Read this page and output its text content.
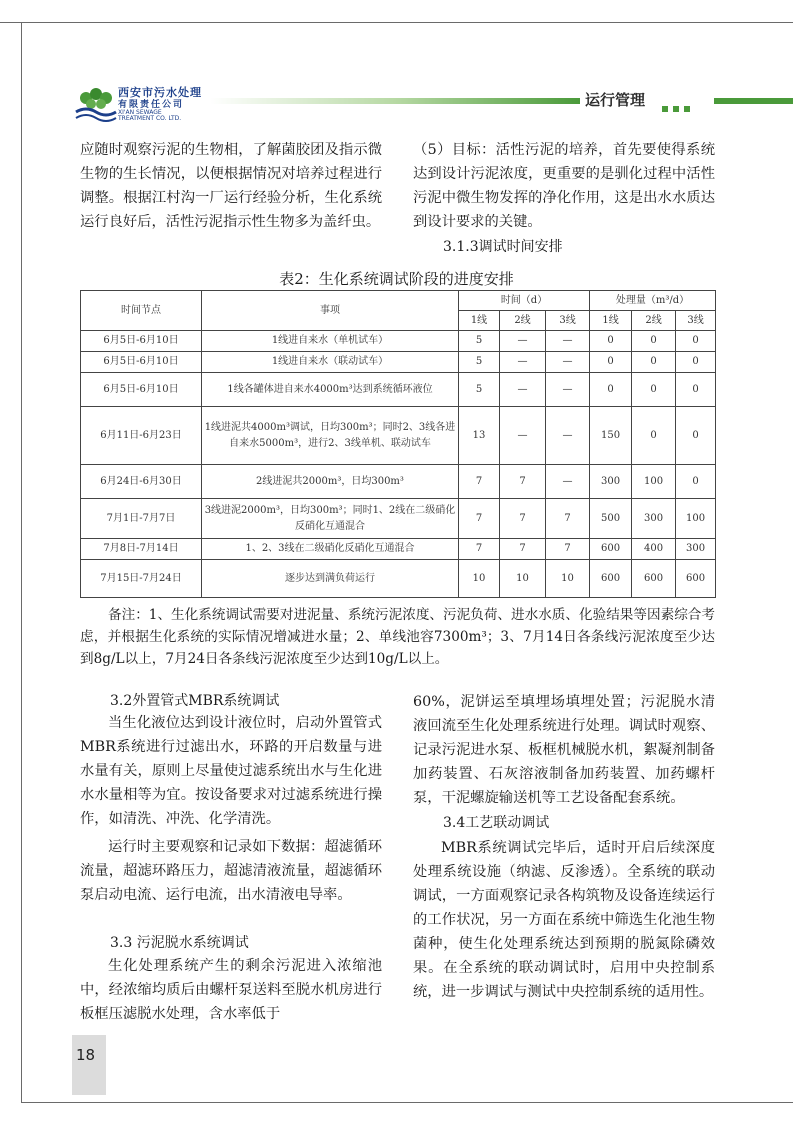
西安市污水处理
有限责任公司
XI'AN SEWAGE
TREATMENT CO. LTD.
运行管理

应随时观察污泥的生物相，了解菌胶团及指示微生物的生长情况，以便根据情况对培养过程进行调整。根据江村沟一厂运行经验分析，生化系统运行良好后，活性污泥指示性生物多为盖纤虫。

（5）目标：活性污泥的培养，首先要使得系统达到设计污泥浓度，更重要的是驯化过程中活性污泥中微生物发挥的净化作用，这是出水水质达到设计要求的关键。

3.1.3调试时间安排
表2：生化系统调试阶段的进度安排
时间节点	事项	时间（d）			处理量（m³/d）		
		1线	2线	3线	1线	2线	3线
6月5日-6月10日	1线进自来水（单机试车）	5	—	—	0	0	0
6月5日-6月10日	1线进自来水（联动试车）	5	—	—	0	0	0
6月5日-6月10日	1线各罐体进自来水4000m³达到系统循环液位	5	—	—	0	0	0
6月11日-6月23日	1线进泥共4000m³调试，日均300m³；同时2、3线各进自来水5000m³，进行2、3线单机、联动试车	13	—	—	150	0	0
6月24日-6月30日	2线进泥共2000m³，日均300m³	7	7	—	300	100	0
7月1日-7月7日	3线进泥2000m³，日均300m³；同时1、2线在二级硝化反硝化互通混合	7	7	7	500	300	100
7月8日-7月14日	1、2、3线在二级硝化反硝化互通混合	7	7	7	600	400	300
7月15日-7月24日	逐步达到满负荷运行	10	10	10	600	600	600

备注：1、生化系统调试需要对进泥量、系统污泥浓度、污泥负荷、进水水质、化验结果等因素综合考虑，并根据生化系统的实际情况增减进水量；2、单线池容7300m³；3、7月14日各条线污泥浓度至少达到8g/L以上，7月24日各条线污泥浓度至少达到10g/L以上。

3.2外置管式MBR系统调试

当生化液位达到设计液位时，启动外置管式MBR系统进行过滤出水，环路的开启数量与进水量有关，原则上尽量使过滤系统出水与生化进水水量相等为宜。按设备要求对过滤系统进行操作，如清洗、冲洗、化学清洗。

运行时主要观察和记录如下数据：超滤循环流量，超滤环路压力，超滤清液流量，超滤循环泵启动电流、运行电流，出水清液电导率。

3.3 污泥脱水系统调试

生化处理系统产生的剩余污泥进入浓缩池中，经浓缩均质后由螺杆泵送料至脱水机房进行板框压滤脱水处理，含水率低于

60%，泥饼运至填埋场填埋处置；污泥脱水清液回流至生化处理系统进行处理。调试时观察、记录污泥进水泵、板框机械脱水机，絮凝剂制备加药装置、石灰溶液制备加药装置、加药螺杆泵，干泥螺旋输送机等工艺设备配套系统。

3.4工艺联动调试

MBR系统调试完毕后，适时开启后续深度处理系统设施（纳滤、反渗透）。全系统的联动调试，一方面观察记录各构筑物及设备连续运行的工作状况，另一方面在系统中筛选生化池生物菌种，使生化处理系统达到预期的脱氮除磷效果。在全系统的联动调试时，启用中央控制系统，进一步调试与测试中央控制系统的适用性。

18
